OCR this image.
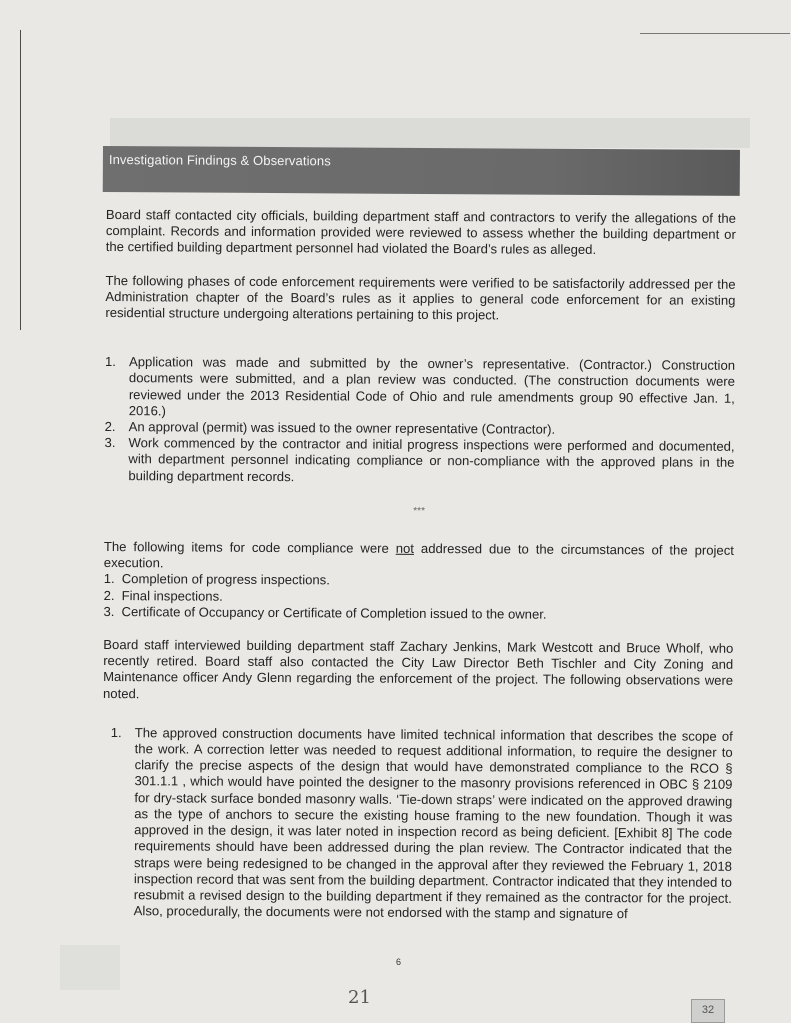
Investigation Findings & Observations

Board staff contacted city officials, building department staff and contractors to verify the allegations of the complaint. Records and information provided were reviewed to assess whether the building department or the certified building department personnel had violated the Board’s rules as alleged.

The following phases of code enforcement requirements were verified to be satisfactorily addressed per the Administration chapter of the Board’s rules as it applies to general code enforcement for an existing residential structure undergoing alterations pertaining to this project.

1. Application was made and submitted by the owner’s representative. (Contractor.) Construction documents were submitted, and a plan review was conducted. (The construction documents were reviewed under the 2013 Residential Code of Ohio and rule amendments group 90 effective Jan. 1, 2016.)
2. An approval (permit) was issued to the owner representative (Contractor).
3. Work commenced by the contractor and initial progress inspections were performed and documented, with department personnel indicating compliance or non-compliance with the approved plans in the building department records.
***

The following items for code compliance were not addressed due to the circumstances of the project execution.

1. Completion of progress inspections.
2. Final inspections.
3. Certificate of Occupancy or Certificate of Completion issued to the owner.

Board staff interviewed building department staff Zachary Jenkins, Mark Westcott and Bruce Wholf, who recently retired. Board staff also contacted the City Law Director Beth Tischler and City Zoning and Maintenance officer Andy Glenn regarding the enforcement of the project. The following observations were noted.

1. The approved construction documents have limited technical information that describes the scope of the work. A correction letter was needed to request additional information, to require the designer to clarify the precise aspects of the design that would have demonstrated compliance to the RCO § 301.1.1 , which would have pointed the designer to the masonry provisions referenced in OBC § 2109 for dry-stack surface bonded masonry walls. ‘Tie-down straps’ were indicated on the approved drawing as the type of anchors to secure the existing house framing to the new foundation. Though it was approved in the design, it was later noted in inspection record as being deficient. [Exhibit 8] The code requirements should have been addressed during the plan review. The Contractor indicated that the straps were being redesigned to be changed in the approval after they reviewed the February 1, 2018 inspection record that was sent from the building department. Contractor indicated that they intended to resubmit a revised design to the building department if they remained as the contractor for the project. Also, procedurally, the documents were not endorsed with the stamp and signature of
6
21
32
